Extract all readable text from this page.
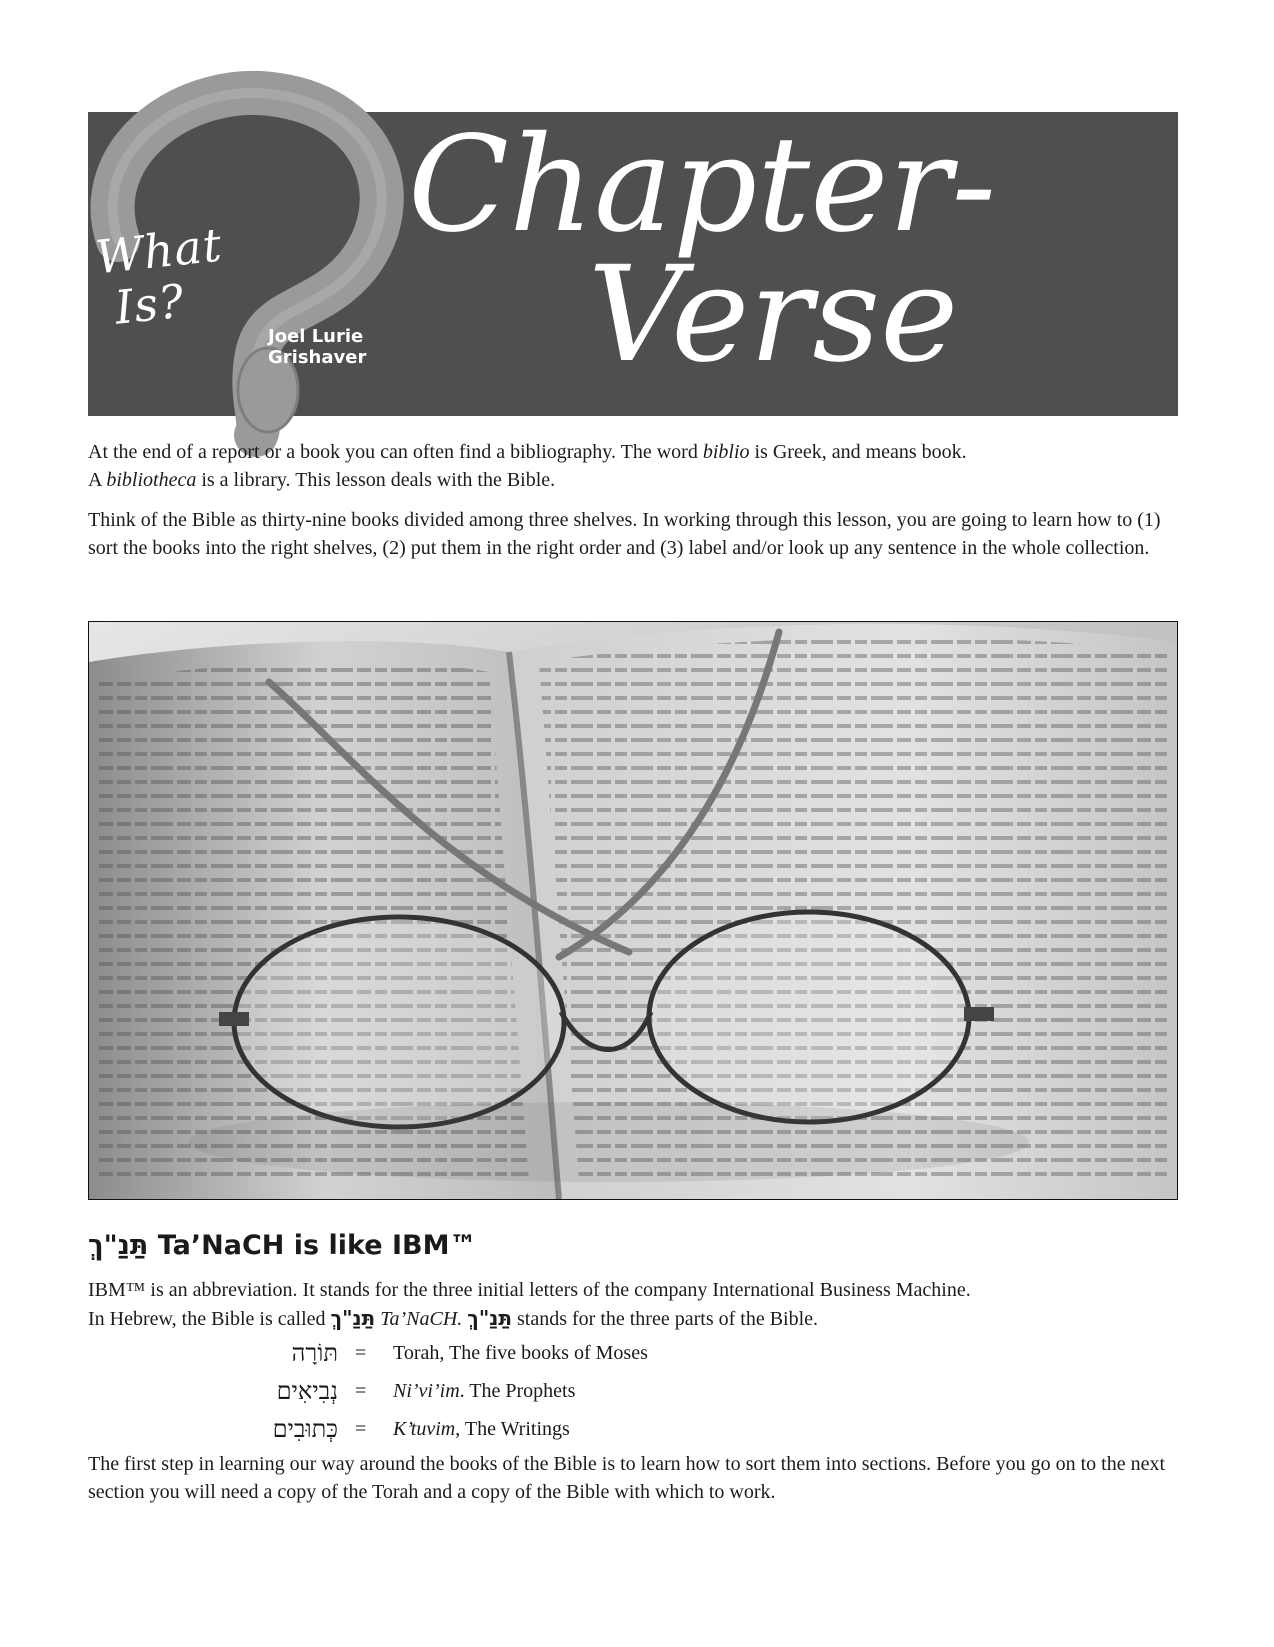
What
Is?
Joel Lurie
Grishaver
Chapter-
Verse

At the end of a report or a book you can often find a bibliography. The word biblio is Greek, and means book.
A bibliotheca is a library. This lesson deals with the Bible.

Think of the Bible as thirty-nine books divided among three shelves. In working through this lesson, you are going to learn how to (1) sort the books into the right shelves, (2) put them in the right order and (3) label and/or look up any sentence in the whole collection.

תַּנַ"ךְ Ta’NaCH is like IBM™

IBM™ is an abbreviation. It stands for the three initial letters of the company International Business Machine.
In Hebrew, the Bible is called תַּנַ"ךְ Ta’NaCH. תַּנַ"ךְ stands for the three parts of the Bible.

תּוֹרָה = Torah, The five books of Moses
נְבִיאִים = Ni’vi’im. The Prophets
כְּתוּבִים = K’tuvim, The Writings

The first step in learning our way around the books of the Bible is to learn how to sort them into sections. Before you go on to the next section you will need a copy of the Torah and a copy of the Bible with which to work.
